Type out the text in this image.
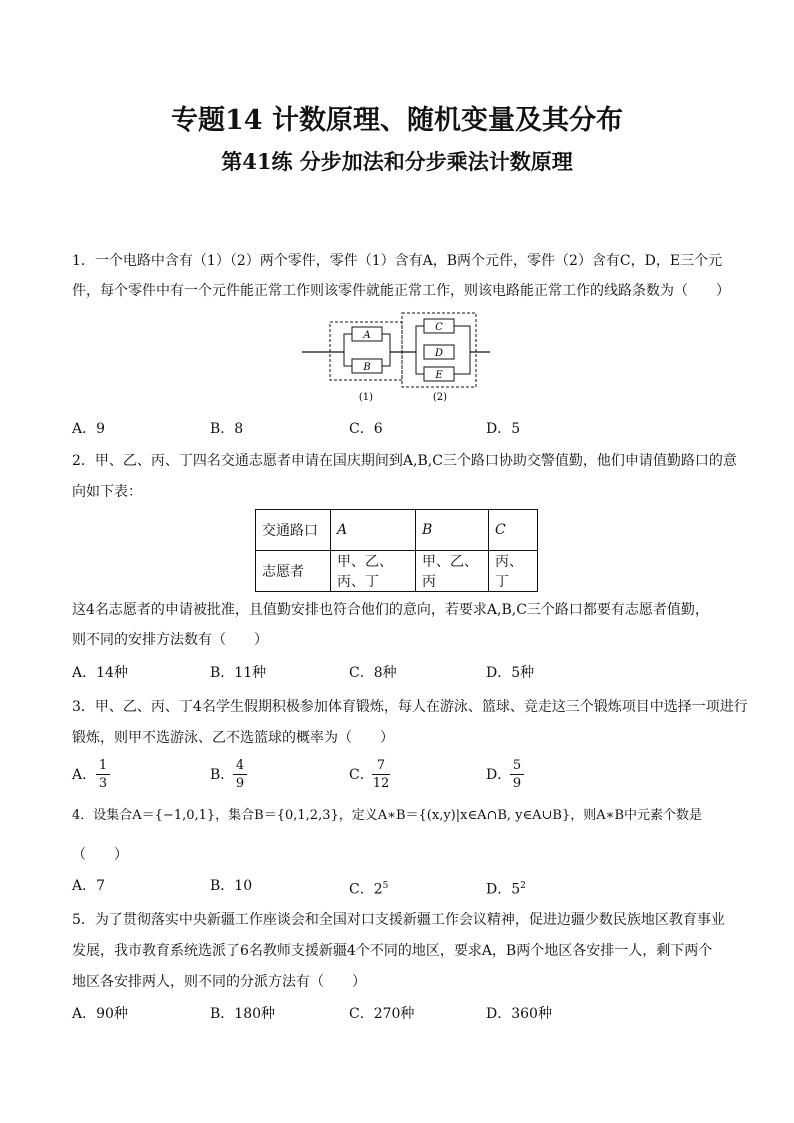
专题14 计数原理、随机变量及其分布
第41练 分步加法和分步乘法计数原理
1．一个电路中含有（1）（2）两个零件，零件（1）含有A，B两个元件，零件（2）含有C，D，E三个元
件，每个零件中有一个元件能正常工作则该零件就能正常工作，则该电路能正常工作的线路条数为（　　）
A
B
C
D
E
(1)	(2)
A．9	B．8	C．6	D．5
2．甲、乙、丙、丁四名交通志愿者申请在国庆期间到A,B,C三个路口协助交警值勤，他们申请值勤路口的意
向如下表：
交通路口	A	B	C
志愿者	甲、乙、丙、丁	甲、乙、丙	丙、丁
这4名志愿者的申请被批准，且值勤安排也符合他们的意向，若要求A,B,C三个路口都要有志愿者值勤，
则不同的安排方法数有（　　）
A．14种	B．11种	C．8种	D．5种
3．甲、乙、丙、丁4名学生假期积极参加体育锻炼，每人在游泳、篮球、竞走这三个锻炼项目中选择一项进行
锻炼，则甲不选游泳、乙不选篮球的概率为（　　）
A．
1
3
B．
4
9
C．
7
12
D．
5
9
4．设集合A＝{−1,0,1}，集合B＝{0,1,2,3}，定义A∗B＝{(x,y)|x∈A∩B, y∈A∪B}，则A∗B中元素个数是
（　　）
A．7	B．10	C．$2^5$	D．$5^2$
5．为了贯彻落实中央新疆工作座谈会和全国对口支援新疆工作会议精神，促进边疆少数民族地区教育事业
发展，我市教育系统选派了6名教师支援新疆4个不同的地区，要求A，B两个地区各安排一人，剩下两个
地区各安排两人，则不同的分派方法有（　　）
A．90种	B．180种	C．270种	D．360种
